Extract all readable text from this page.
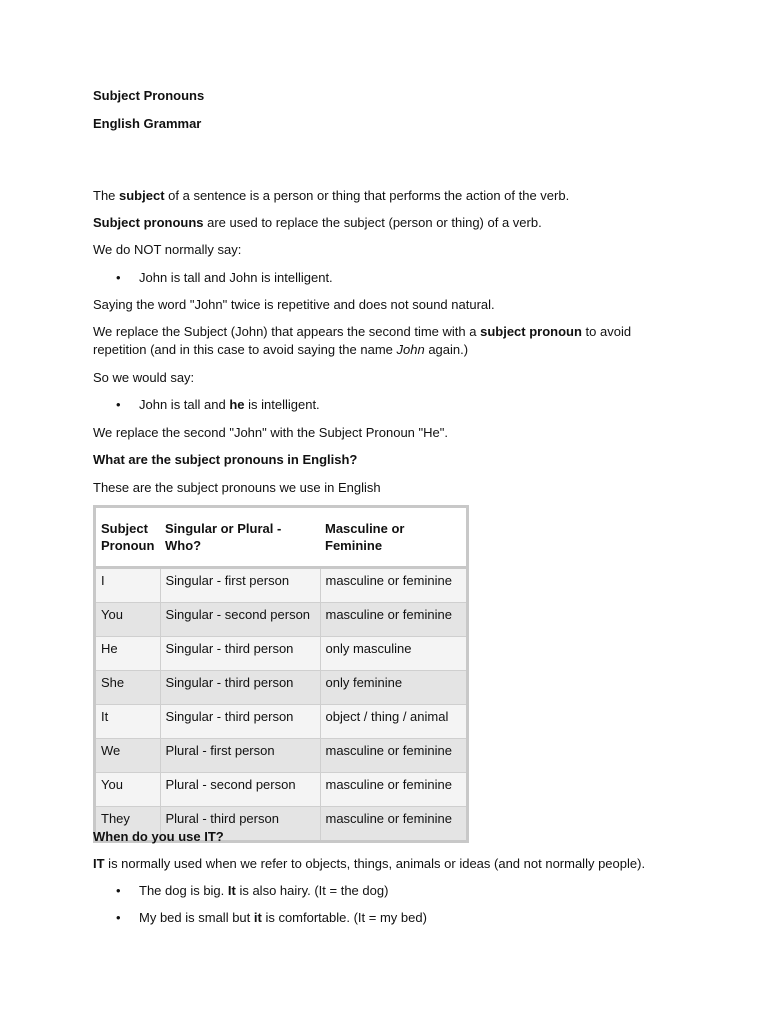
Subject Pronouns

English Grammar

The subject of a sentence is a person or thing that performs the action of the verb.

Subject pronouns are used to replace the subject (person or thing) of a verb.

We do NOT normally say:

• John is tall and John is intelligent.

Saying the word "John" twice is repetitive and does not sound natural.

We replace the Subject (John) that appears the second time with a subject pronoun to avoid

repetition (and in this case to avoid saying the name John again.)

So we would say:

• John is tall and he is intelligent.

We replace the second "John" with the Subject Pronoun "He".

What are the subject pronouns in English?

These are the subject pronouns we use in English

Subject Pronoun	Singular or Plural - Who?	Masculine or Feminine
I	Singular - first person	masculine or feminine
You	Singular - second person	masculine or feminine
He	Singular - third person	only masculine
She	Singular - third person	only feminine
It	Singular - third person	object / thing / animal
We	Plural - first person	masculine or feminine
You	Plural - second person	masculine or feminine
They	Plural - third person	masculine or feminine

When do you use IT?

IT is normally used when we refer to objects, things, animals or ideas (and not normally people).

• The dog is big. It is also hairy. (It = the dog)
• My bed is small but it is comfortable. (It = my bed)
